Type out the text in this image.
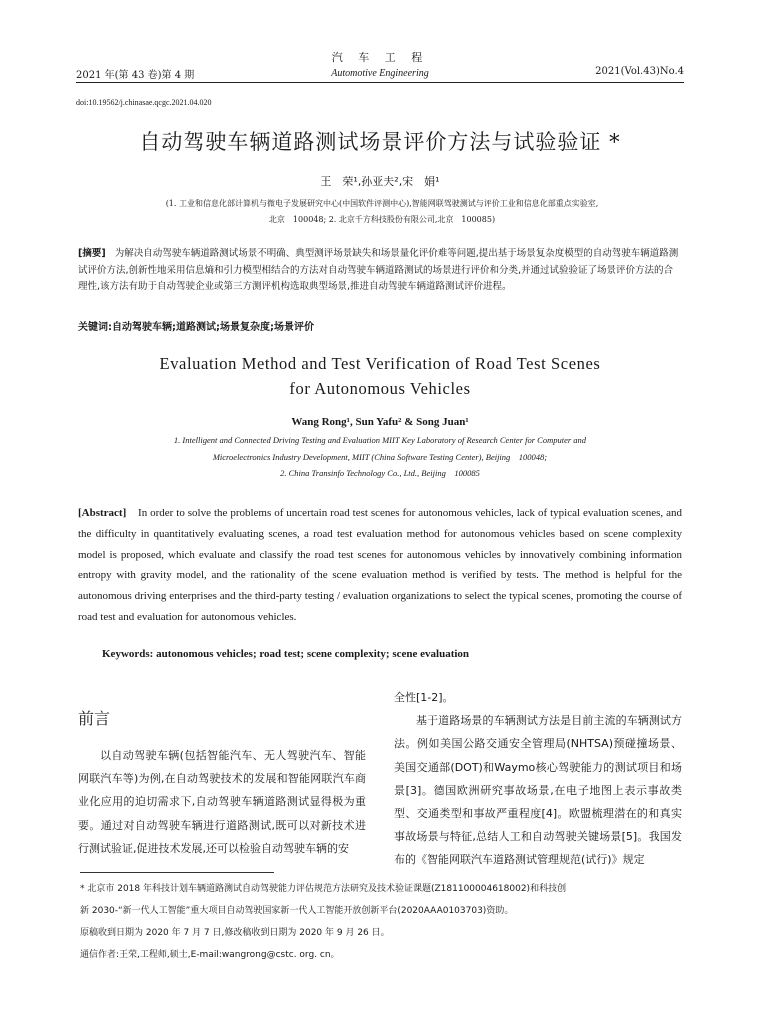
汽 车 工 程
2021 年(第 43 卷)第 4 期	Automotive Engineering	2021(Vol.43)No.4
doi:10.19562/j.chinasae.qcgc.2021.04.020
自动驾驶车辆道路测试场景评价方法与试验验证 *
王　荣¹,孙亚夫²,宋　娟¹
(1. 工业和信息化部计算机与微电子发展研究中心(中国软件评测中心),智能网联驾驶测试与评价工业和信息化部重点实验室,
北京　100048; 2. 北京千方科技股份有限公司,北京　100085)
[摘要] 为解决自动驾驶车辆道路测试场景不明确、典型测评场景缺失和场景量化评价难等问题,提出基于场景复杂度模型的自动驾驶车辆道路测试评价方法,创新性地采用信息熵和引力模型相结合的方法对自动驾驶车辆道路测试的场景进行评价和分类,并通过试验验证了场景评价方法的合理性,该方法有助于自动驾驶企业或第三方测评机构选取典型场景,推进自动驾驶车辆道路测试评价进程。
关键词:自动驾驶车辆;道路测试;场景复杂度;场景评价
Evaluation Method and Test Verification of Road Test Scenes
for Autonomous Vehicles
Wang Rong¹, Sun Yafu² & Song Juan¹
1. Intelligent and Connected Driving Testing and Evaluation MIIT Key Laboratory of Research Center for Computer and
Microelectronics Industry Development, MIIT (China Software Testing Center), Beijing　100048;
2. China Transinfo Technology Co., Ltd., Beijing　100085
[Abstract] In order to solve the problems of uncertain road test scenes for autonomous vehicles, lack of typical evaluation scenes, and the difficulty in quantitatively evaluating scenes, a road test evaluation method for autonomous vehicles based on scene complexity model is proposed, which evaluate and classify the road test scenes for autonomous vehicles by innovatively combining information entropy with gravity model, and the rationality of the scene evaluation method is verified by tests. The method is helpful for the autonomous driving enterprises and the third-party testing / evaluation organizations to select the typical scenes, promoting the course of road test and evaluation for autonomous vehicles.
Keywords: autonomous vehicles; road test; scene complexity; scene evaluation
前言
以自动驾驶车辆(包括智能汽车、无人驾驶汽车、智能网联汽车等)为例,在自动驾驶技术的发展和智能网联汽车商业化应用的迫切需求下,自动驾驶车辆道路测试显得极为重要。通过对自动驾驶车辆进行道路测试,既可以对新技术进行测试验证,促进技术发展,还可以检验自动驾驶车辆的安
全性[1-2]。
基于道路场景的车辆测试方法是目前主流的车辆测试方法。例如美国公路交通安全管理局(NHTSA)预碰撞场景、美国交通部(DOT)和Waymo核心驾驶能力的测试项目和场景[3]。德国欧洲研究事故场景,在电子地图上表示事故类型、交通类型和事故严重程度[4]。欧盟梳理潜在的和真实事故场景与特征,总结人工和自动驾驶关键场景[5]。我国发布的《智能网联汽车道路测试管理规范(试行)》规定
* 北京市 2018 年科技计划车辆道路测试自动驾驶能力评估规范方法研究及技术验证课题(Z181100004618002)和科技创
新 2030-“新一代人工智能”重大项目自动驾驶国家新一代人工智能开放创新平台(2020AAA0103703)资助。
原稿收到日期为 2020 年 7 月 7 日,修改稿收到日期为 2020 年 9 月 26 日。
通信作者:王荣,工程师,硕士,E-mail:wangrong@cstc. org. cn。
